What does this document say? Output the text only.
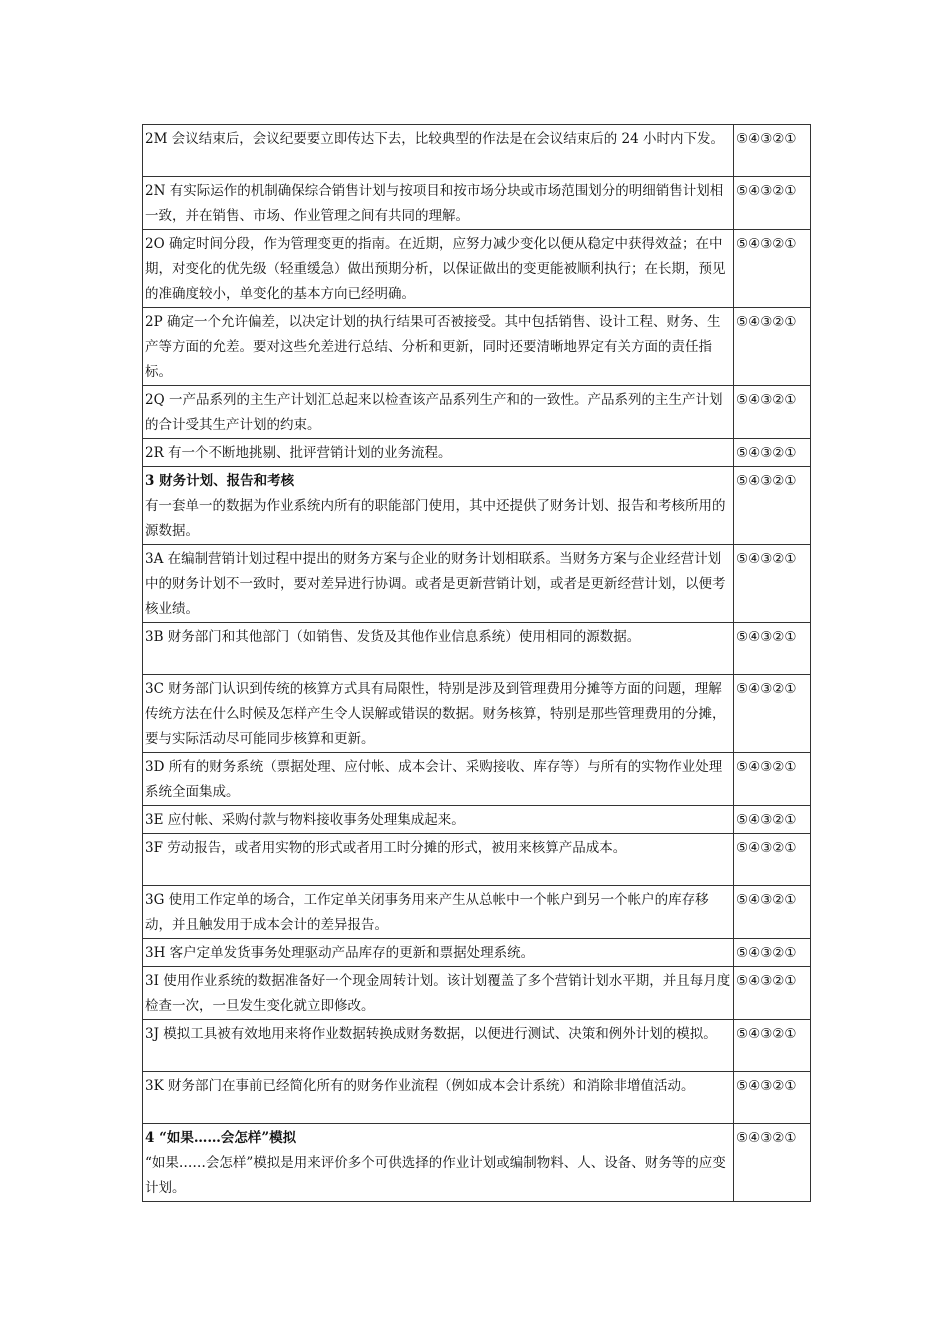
2M 会议结束后，会议纪要要立即传达下去，比较典型的作法是在会议结束后的 24 小时内下发。	⑤④③②①

2N 有实际运作的机制确保综合销售计划与按项目和按市场分块或市场范围划分的明细销售计划相一致，并在销售、市场、作业管理之间有共同的理解。	⑤④③②①

2O 确定时间分段，作为管理变更的指南。在近期，应努力减少变化以便从稳定中获得效益；在中期，对变化的优先级（轻重缓急）做出预期分析，以保证做出的变更能被顺利执行；在长期，预见的准确度较小，单变化的基本方向已经明确。	⑤④③②①

2P 确定一个允许偏差，以决定计划的执行结果可否被接受。其中包括销售、设计工程、财务、生产等方面的允差。要对这些允差进行总结、分析和更新，同时还要清晰地界定有关方面的责任指标。	⑤④③②①

2Q 一产品系列的主生产计划汇总起来以检查该产品系列生产和的一致性。产品系列的主生产计划的合计受其生产计划的约束。	⑤④③②①

2R 有一个不断地挑剔、批评营销计划的业务流程。	⑤④③②①

3 财务计划、报告和考核
有一套单一的数据为作业系统内所有的职能部门使用，其中还提供了财务计划、报告和考核所用的源数据。	⑤④③②①

3A 在编制营销计划过程中提出的财务方案与企业的财务计划相联系。当财务方案与企业经营计划中的财务计划不一致时，要对差异进行协调。或者是更新营销计划，或者是更新经营计划，以便考核业绩。	⑤④③②①

3B 财务部门和其他部门（如销售、发货及其他作业信息系统）使用相同的源数据。	⑤④③②①

3C 财务部门认识到传统的核算方式具有局限性，特别是涉及到管理费用分摊等方面的问题，理解传统方法在什么时候及怎样产生令人误解或错误的数据。财务核算，特别是那些管理费用的分摊，要与实际活动尽可能同步核算和更新。	⑤④③②①

3D 所有的财务系统（票据处理、应付帐、成本会计、采购接收、库存等）与所有的实物作业处理系统全面集成。	⑤④③②①

3E 应付帐、采购付款与物料接收事务处理集成起来。	⑤④③②①

3F 劳动报告，或者用实物的形式或者用工时分摊的形式，被用来核算产品成本。	⑤④③②①

3G 使用工作定单的场合，工作定单关闭事务用来产生从总帐中一个帐户到另一个帐户的库存移动，并且触发用于成本会计的差异报告。	⑤④③②①

3H 客户定单发货事务处理驱动产品库存的更新和票据处理系统。	⑤④③②①

3I 使用作业系统的数据准备好一个现金周转计划。该计划覆盖了多个营销计划水平期，并且每月度检查一次，一旦发生变化就立即修改。	⑤④③②①

3J 模拟工具被有效地用来将作业数据转换成财务数据，以便进行测试、决策和例外计划的模拟。	⑤④③②①

3K 财务部门在事前已经简化所有的财务作业流程（例如成本会计系统）和消除非增值活动。	⑤④③②①

4 “如果……会怎样”模拟
“如果……会怎样”模拟是用来评价多个可供选择的作业计划或编制物料、人、设备、财务等的应变计划。	⑤④③②①
